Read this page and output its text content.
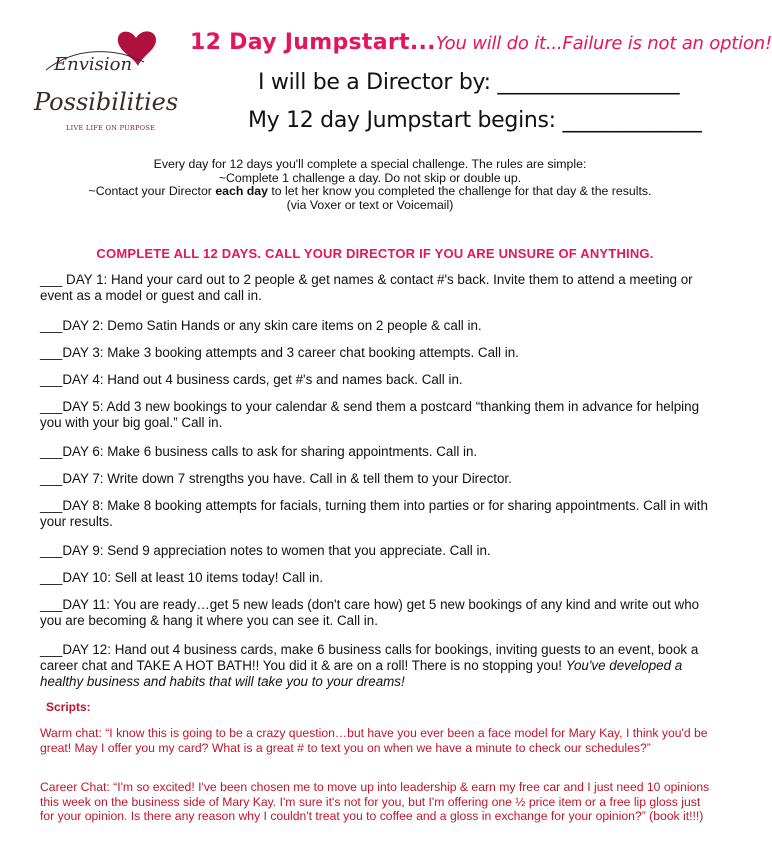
Envision
Possibilities
LIVE LIFE ON PURPOSE
12 Day Jumpstart...You will do it...Failure is not an option!
I will be a Director by: _________________
My 12 day Jumpstart begins: _____________
Every day for 12 days you'll complete a special challenge. The rules are simple:
~Complete 1 challenge a day. Do not skip or double up.
~Contact your Director each day to let her know you completed the challenge for that day & the results.
(via Voxer or text or Voicemail)
COMPLETE ALL 12 DAYS. CALL YOUR DIRECTOR IF YOU ARE UNSURE OF ANYTHING.

___ DAY 1: Hand your card out to 2 people & get names & contact #'s back. Invite them to attend a meeting or event as a model or guest and call in.

___DAY 2: Demo Satin Hands or any skin care items on 2 people & call in.

___DAY 3: Make 3 booking attempts and 3 career chat booking attempts. Call in.

___DAY 4: Hand out 4 business cards, get #'s and names back. Call in.

___DAY 5: Add 3 new bookings to your calendar & send them a postcard “thanking them in advance for helping you with your big goal.” Call in.

___DAY 6: Make 6 business calls to ask for sharing appointments. Call in.

___DAY 7: Write down 7 strengths you have. Call in & tell them to your Director.

___DAY 8: Make 8 booking attempts for facials, turning them into parties or for sharing appointments. Call in with your results.

___DAY 9: Send 9 appreciation notes to women that you appreciate. Call in.

___DAY 10: Sell at least 10 items today! Call in.

___DAY 11: You are ready…get 5 new leads (don't care how) get 5 new bookings of any kind and write out who you are becoming & hang it where you can see it. Call in.

___DAY 12: Hand out 4 business cards, make 6 business calls for bookings, inviting guests to an event, book a career chat and TAKE A HOT BATH!! You did it & are on a roll! There is no stopping you! You've developed a healthy business and habits that will take you to your dreams!

Scripts:
Warm chat: “I know this is going to be a crazy question…but have you ever been a face model for Mary Kay, I think you'd be great! May I offer you my card? What is a great # to text you on when we have a minute to check our schedules?”
Career Chat: “I'm so excited! I've been chosen me to move up into leadership & earn my free car and I just need 10 opinions this week on the business side of Mary Kay. I'm sure it's not for you, but I'm offering one ½ price item or a free lip gloss just for your opinion. Is there any reason why I couldn't treat you to coffee and a gloss in exchange for your opinion?” (book it!!!)
